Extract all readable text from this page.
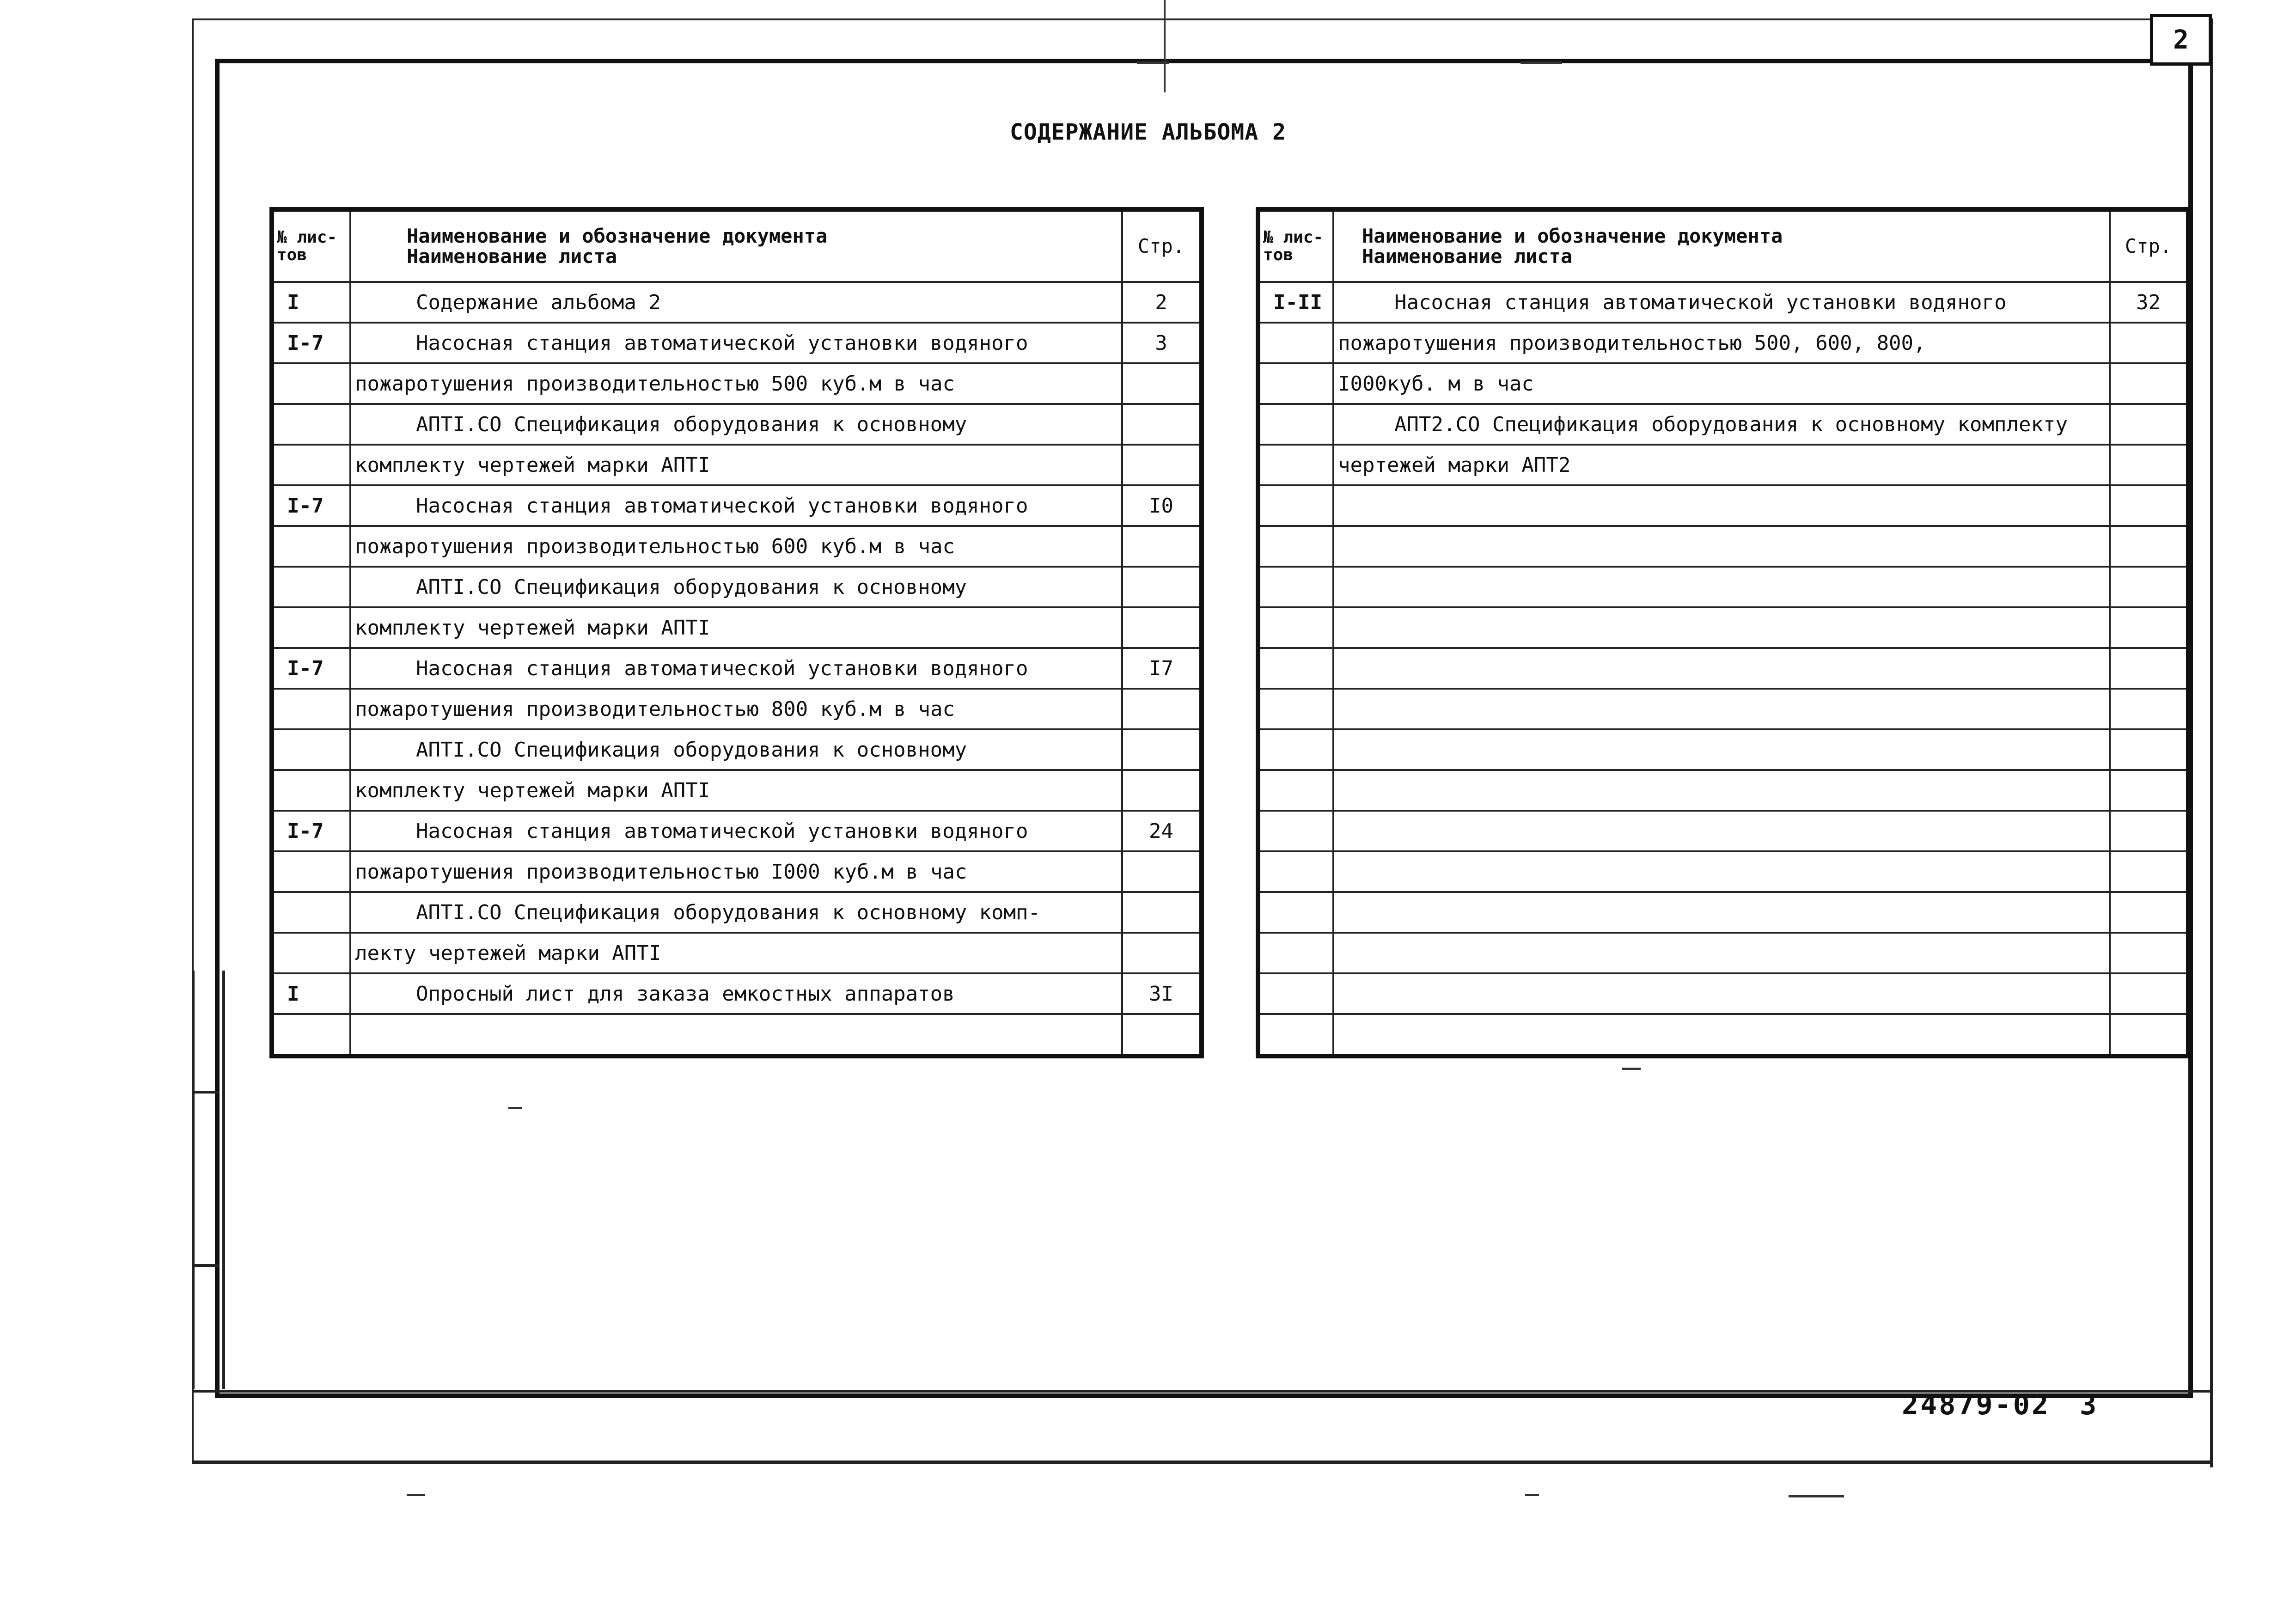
2
СОДЕРЖАНИЕ АЛЬБОМА 2
№ лис- тов	Наименование и обозначение документа
Наименование листа	Стр.
I	Содержание альбома 2	2
I-7	Насосная станция автоматической установки водяного	3
	пожаротушения производительностью 500 куб.м в час	
	АПТI.СО Спецификация оборудования к основному	
	комплекту чертежей марки АПТI	
I-7	Насосная станция автоматической установки водяного	I0
	пожаротушения производительностью 600 куб.м в час	
	АПТI.СО Спецификация оборудования к основному	
	комплекту чертежей марки АПТI	
I-7	Насосная станция автоматической установки водяного	I7
	пожаротушения производительностью 800 куб.м в час	
	АПТI.СО Спецификация оборудования к основному	
	комплекту чертежей марки АПТI	
I-7	Насосная станция автоматической установки водяного	24
	пожаротушения производительностью I000 куб.м в час	
	АПТI.СО Спецификация оборудования к основному комп-	
	лекту чертежей марки АПТI	
I	Опросный лист для заказа емкостных аппаратов	3I

№ лис- тов	Наименование и обозначение документа
Наименование листа	Стр.
I-II	Насосная станция автоматической установки водяного	32
	пожаротушения производительностью 500, 600, 800,	
	I000куб. м в час	
	АПТ2.СО Спецификация оборудования к основному комплекту	
	чертежей марки АПТ2	

24879-02 3
